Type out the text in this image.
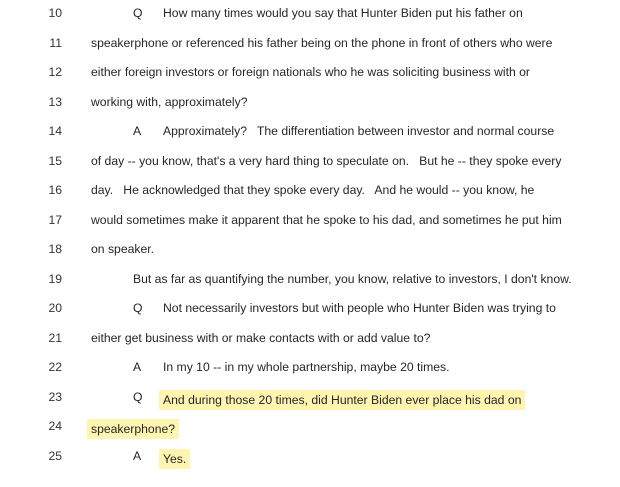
10	Q How many times would you say that Hunter Biden put his father on
11 speakerphone or referenced his father being on the phone in front of others who were
12 either foreign investors or foreign nationals who he was soliciting business with or
13 working with, approximately?
14	A Approximately?   The differentiation between investor and normal course
15 of day -- you know, that's a very hard thing to speculate on.   But he -- they spoke every
16 day.   He acknowledged that they spoke every day.   And he would -- you know, he
17 would sometimes make it apparent that he spoke to his dad, and sometimes he put him
18 on speaker.
19	But as far as quantifying the number, you know, relative to investors, I don't know.
20	Q Not necessarily investors but with people who Hunter Biden was trying to
21 either get business with or make contacts with or add value to?
22	A In my 10 -- in my whole partnership, maybe 20 times.
23	Q	And during those 20 times, did Hunter Biden ever place his dad on
24	speakerphone?
25	A	Yes.
